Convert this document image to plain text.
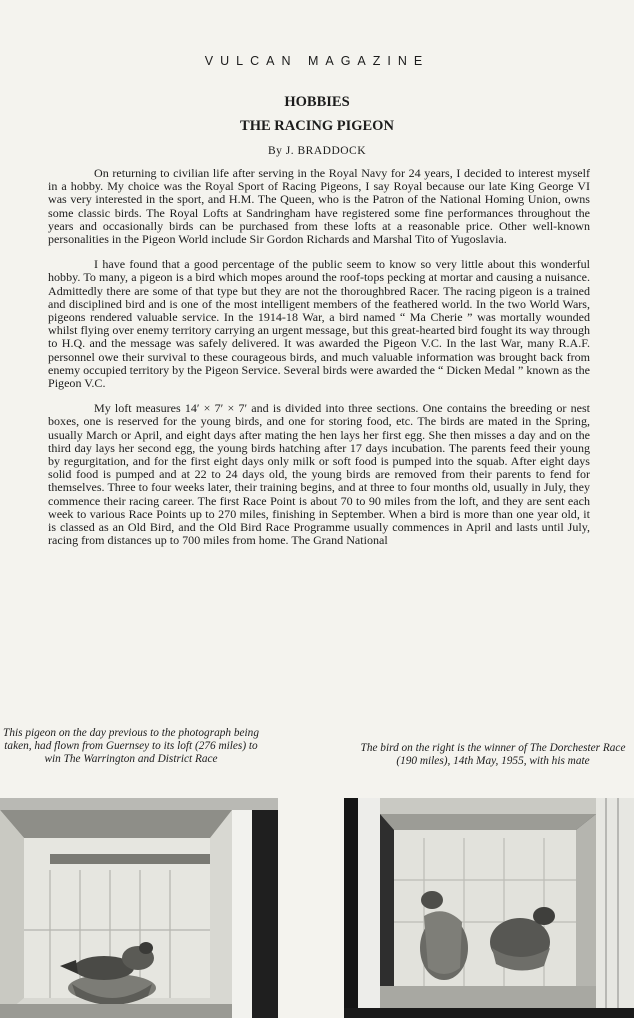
VULCAN MAGAZINE
HOBBIES
THE RACING PIGEON
By J. BRADDOCK

On returning to civilian life after serving in the Royal Navy for 24 years, I decided to interest myself in a hobby. My choice was the Royal Sport of Racing Pigeons, I say Royal because our late King George VI was very interested in the sport, and H.M. The Queen, who is the Patron of the National Homing Union, owns some classic birds. The Royal Lofts at Sandringham have registered some fine performances throughout the years and occasionally birds can be purchased from these lofts at a reasonable price. Other well-known personalities in the Pigeon World include Sir Gordon Richards and Marshal Tito of Yugoslavia.

I have found that a good percentage of the public seem to know so very little about this wonderful hobby. To many, a pigeon is a bird which mopes around the roof-tops pecking at mortar and causing a nuisance. Admittedly there are some of that type but they are not the thoroughbred Racer. The racing pigeon is a trained and disciplined bird and is one of the most intelligent members of the feathered world. In the two World Wars, pigeons rendered valuable service. In the 1914-18 War, a bird named “ Ma Cherie ” was mortally wounded whilst flying over enemy territory carrying an urgent message, but this great-hearted bird fought its way through to H.Q. and the message was safely delivered. It was awarded the Pigeon V.C. In the last War, many R.A.F. personnel owe their survival to these courageous birds, and much valuable information was brought back from enemy occupied territory by the Pigeon Service. Several birds were awarded the “ Dicken Medal ” known as the Pigeon V.C.

My loft measures 14′ × 7′ × 7′ and is divided into three sections. One contains the breeding or nest boxes, one is reserved for the young birds, and one for storing food, etc. The birds are mated in the Spring, usually March or April, and eight days after mating the hen lays her first egg. She then misses a day and on the third day lays her second egg, the young birds hatching after 17 days incubation. The parents feed their young by regurgitation, and for the first eight days only milk or soft food is pumped into the squab. After eight days solid food is pumped and at 22 to 24 days old, the young birds are removed from their parents to fend for themselves. Three to four weeks later, their training begins, and at three to four months old, usually in July, they commence their racing career. The first Race Point is about 70 to 90 miles from the loft, and they are sent each week to various Race Points up to 270 miles, finishing in September. When a bird is more than one year old, it is classed as an Old Bird, and the Old Bird Race Programme usually commences in April and lasts until July, racing from distances up to 700 miles from home. The Grand National

This pigeon on the day previous to the photograph being taken, had flown from Guernsey to its loft (276 miles) to win The Warrington and District Race
The bird on the right is the winner of The Dorchester Race (190 miles), 14th May, 1955, with his mate
